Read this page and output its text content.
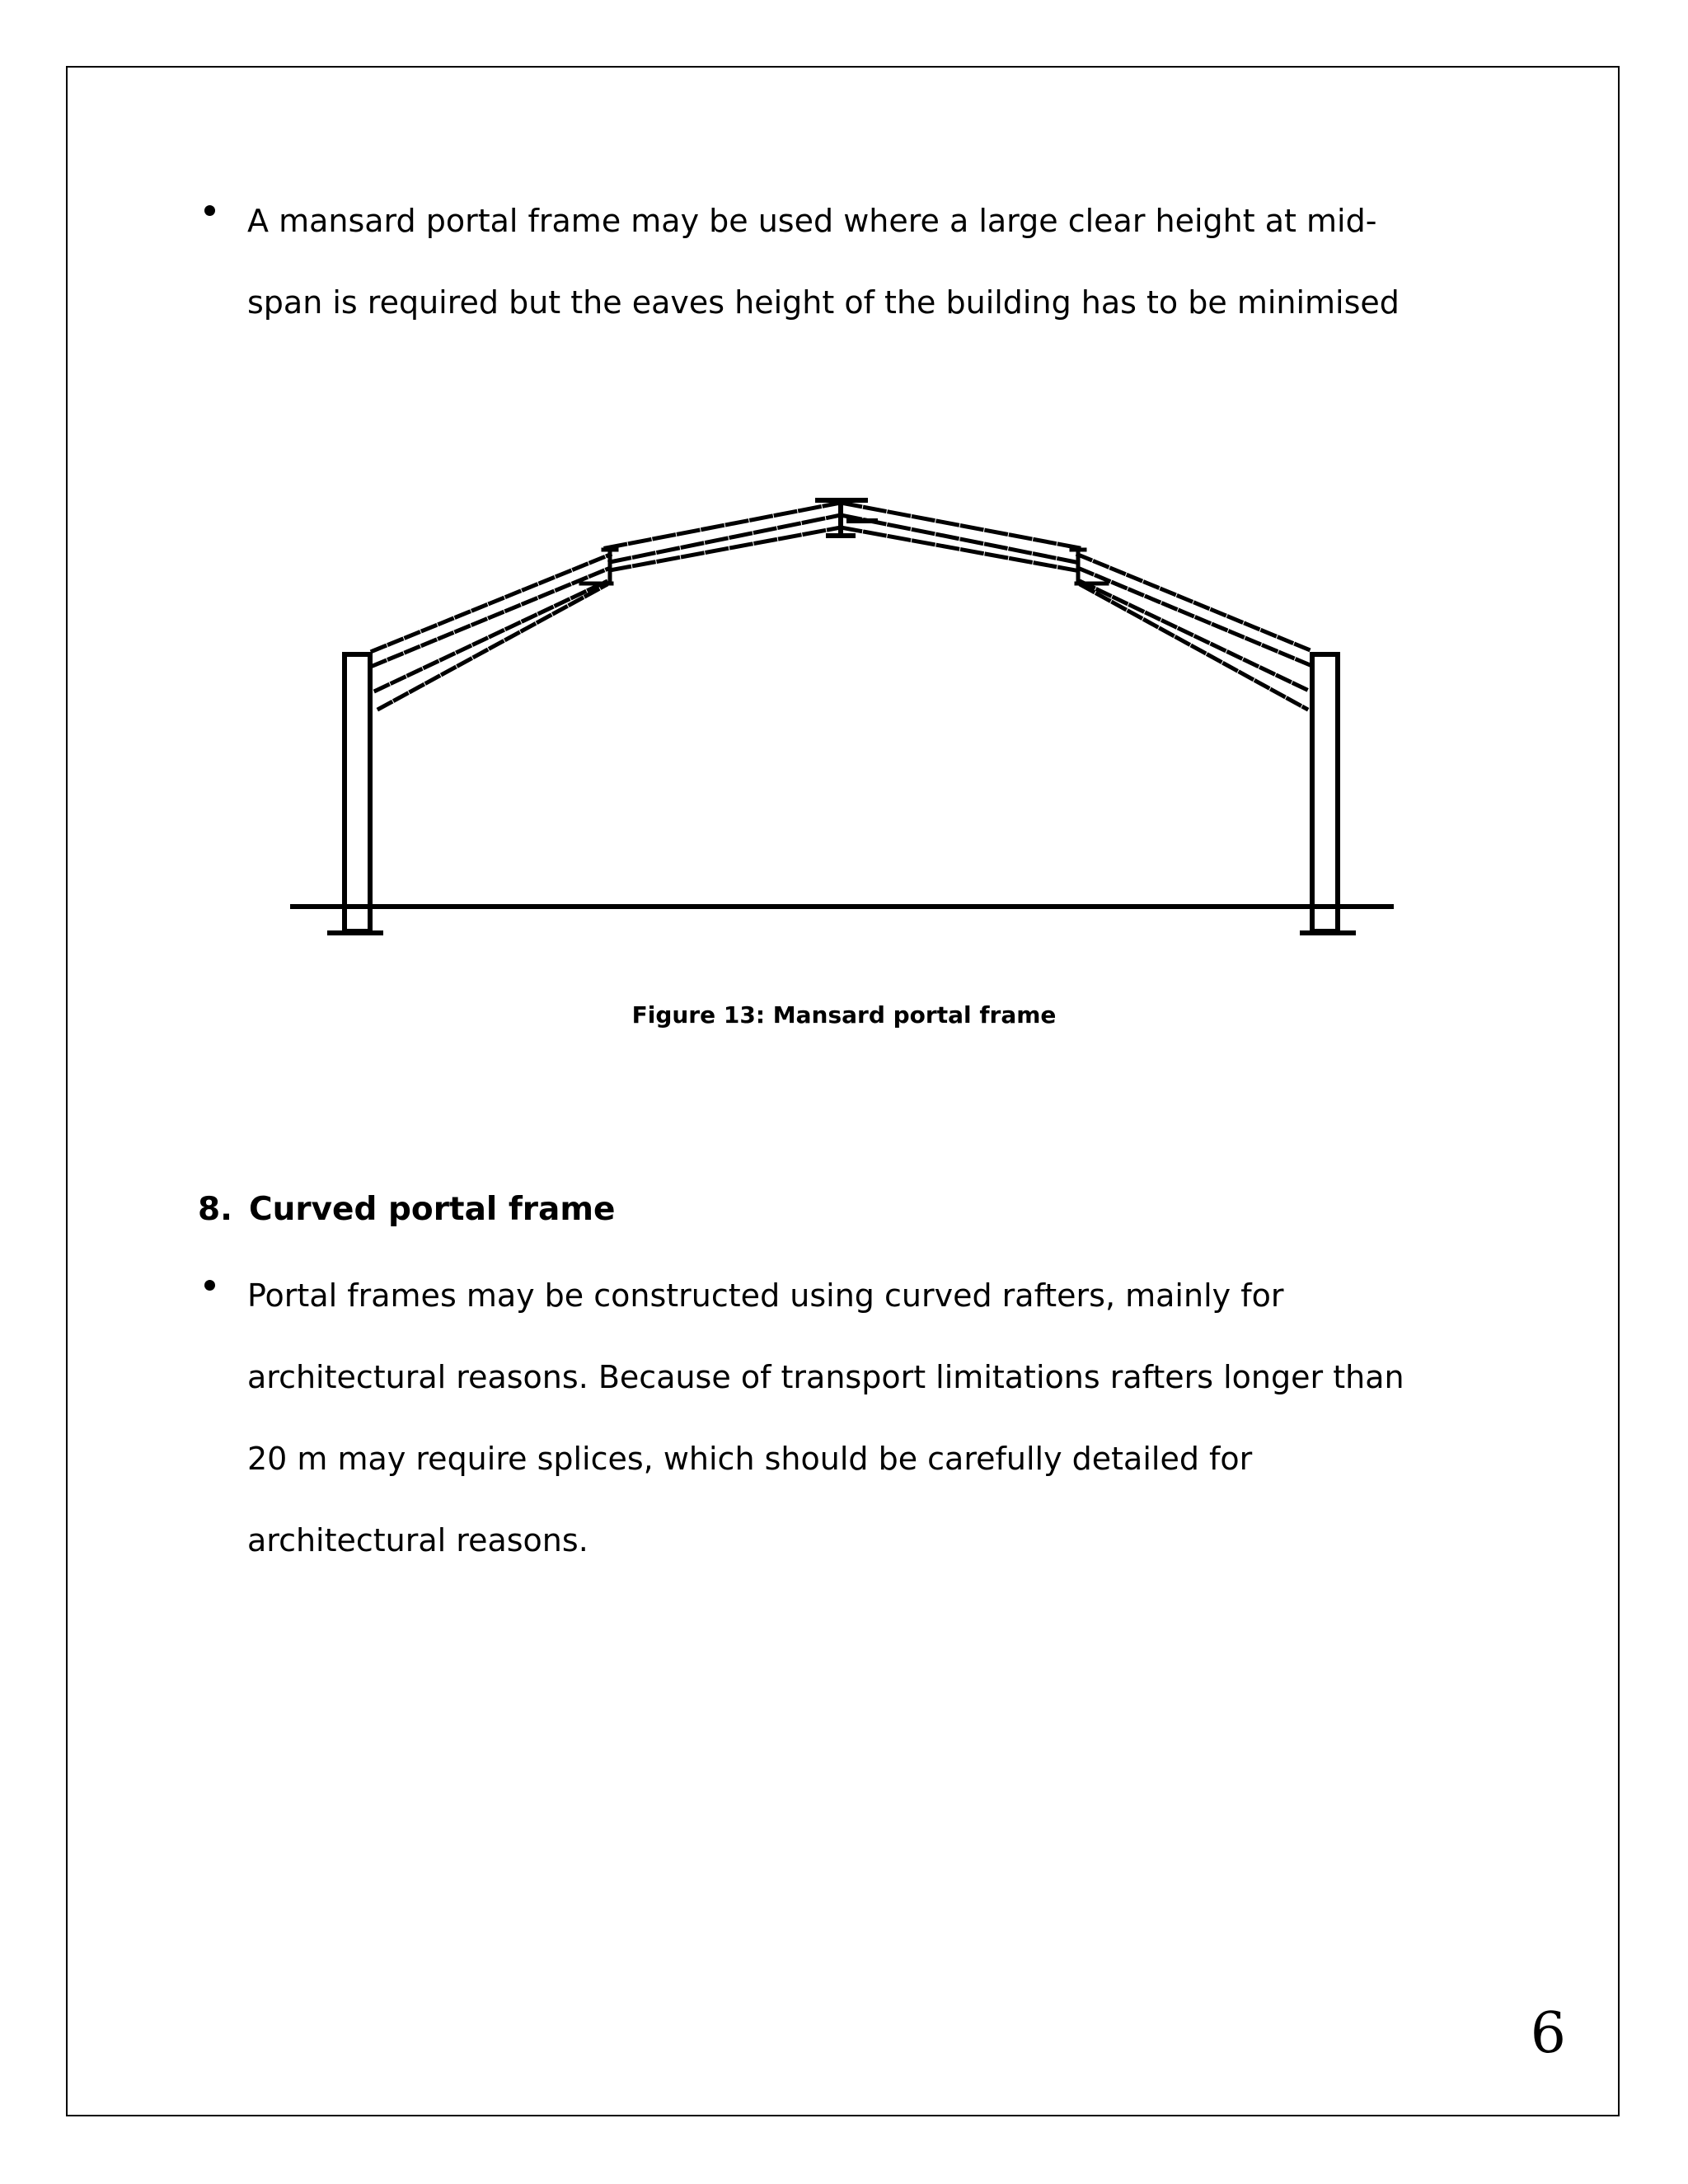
A mansard portal frame may be used where a large clear height at mid-
span is required but the eaves height of the building has to be minimised
Figure 13: Mansard portal frame
8. Curved portal frame
Portal frames may be constructed using curved rafters, mainly for
architectural reasons. Because of transport limitations rafters longer than
20 m may require splices, which should be carefully detailed for
architectural reasons.
6
